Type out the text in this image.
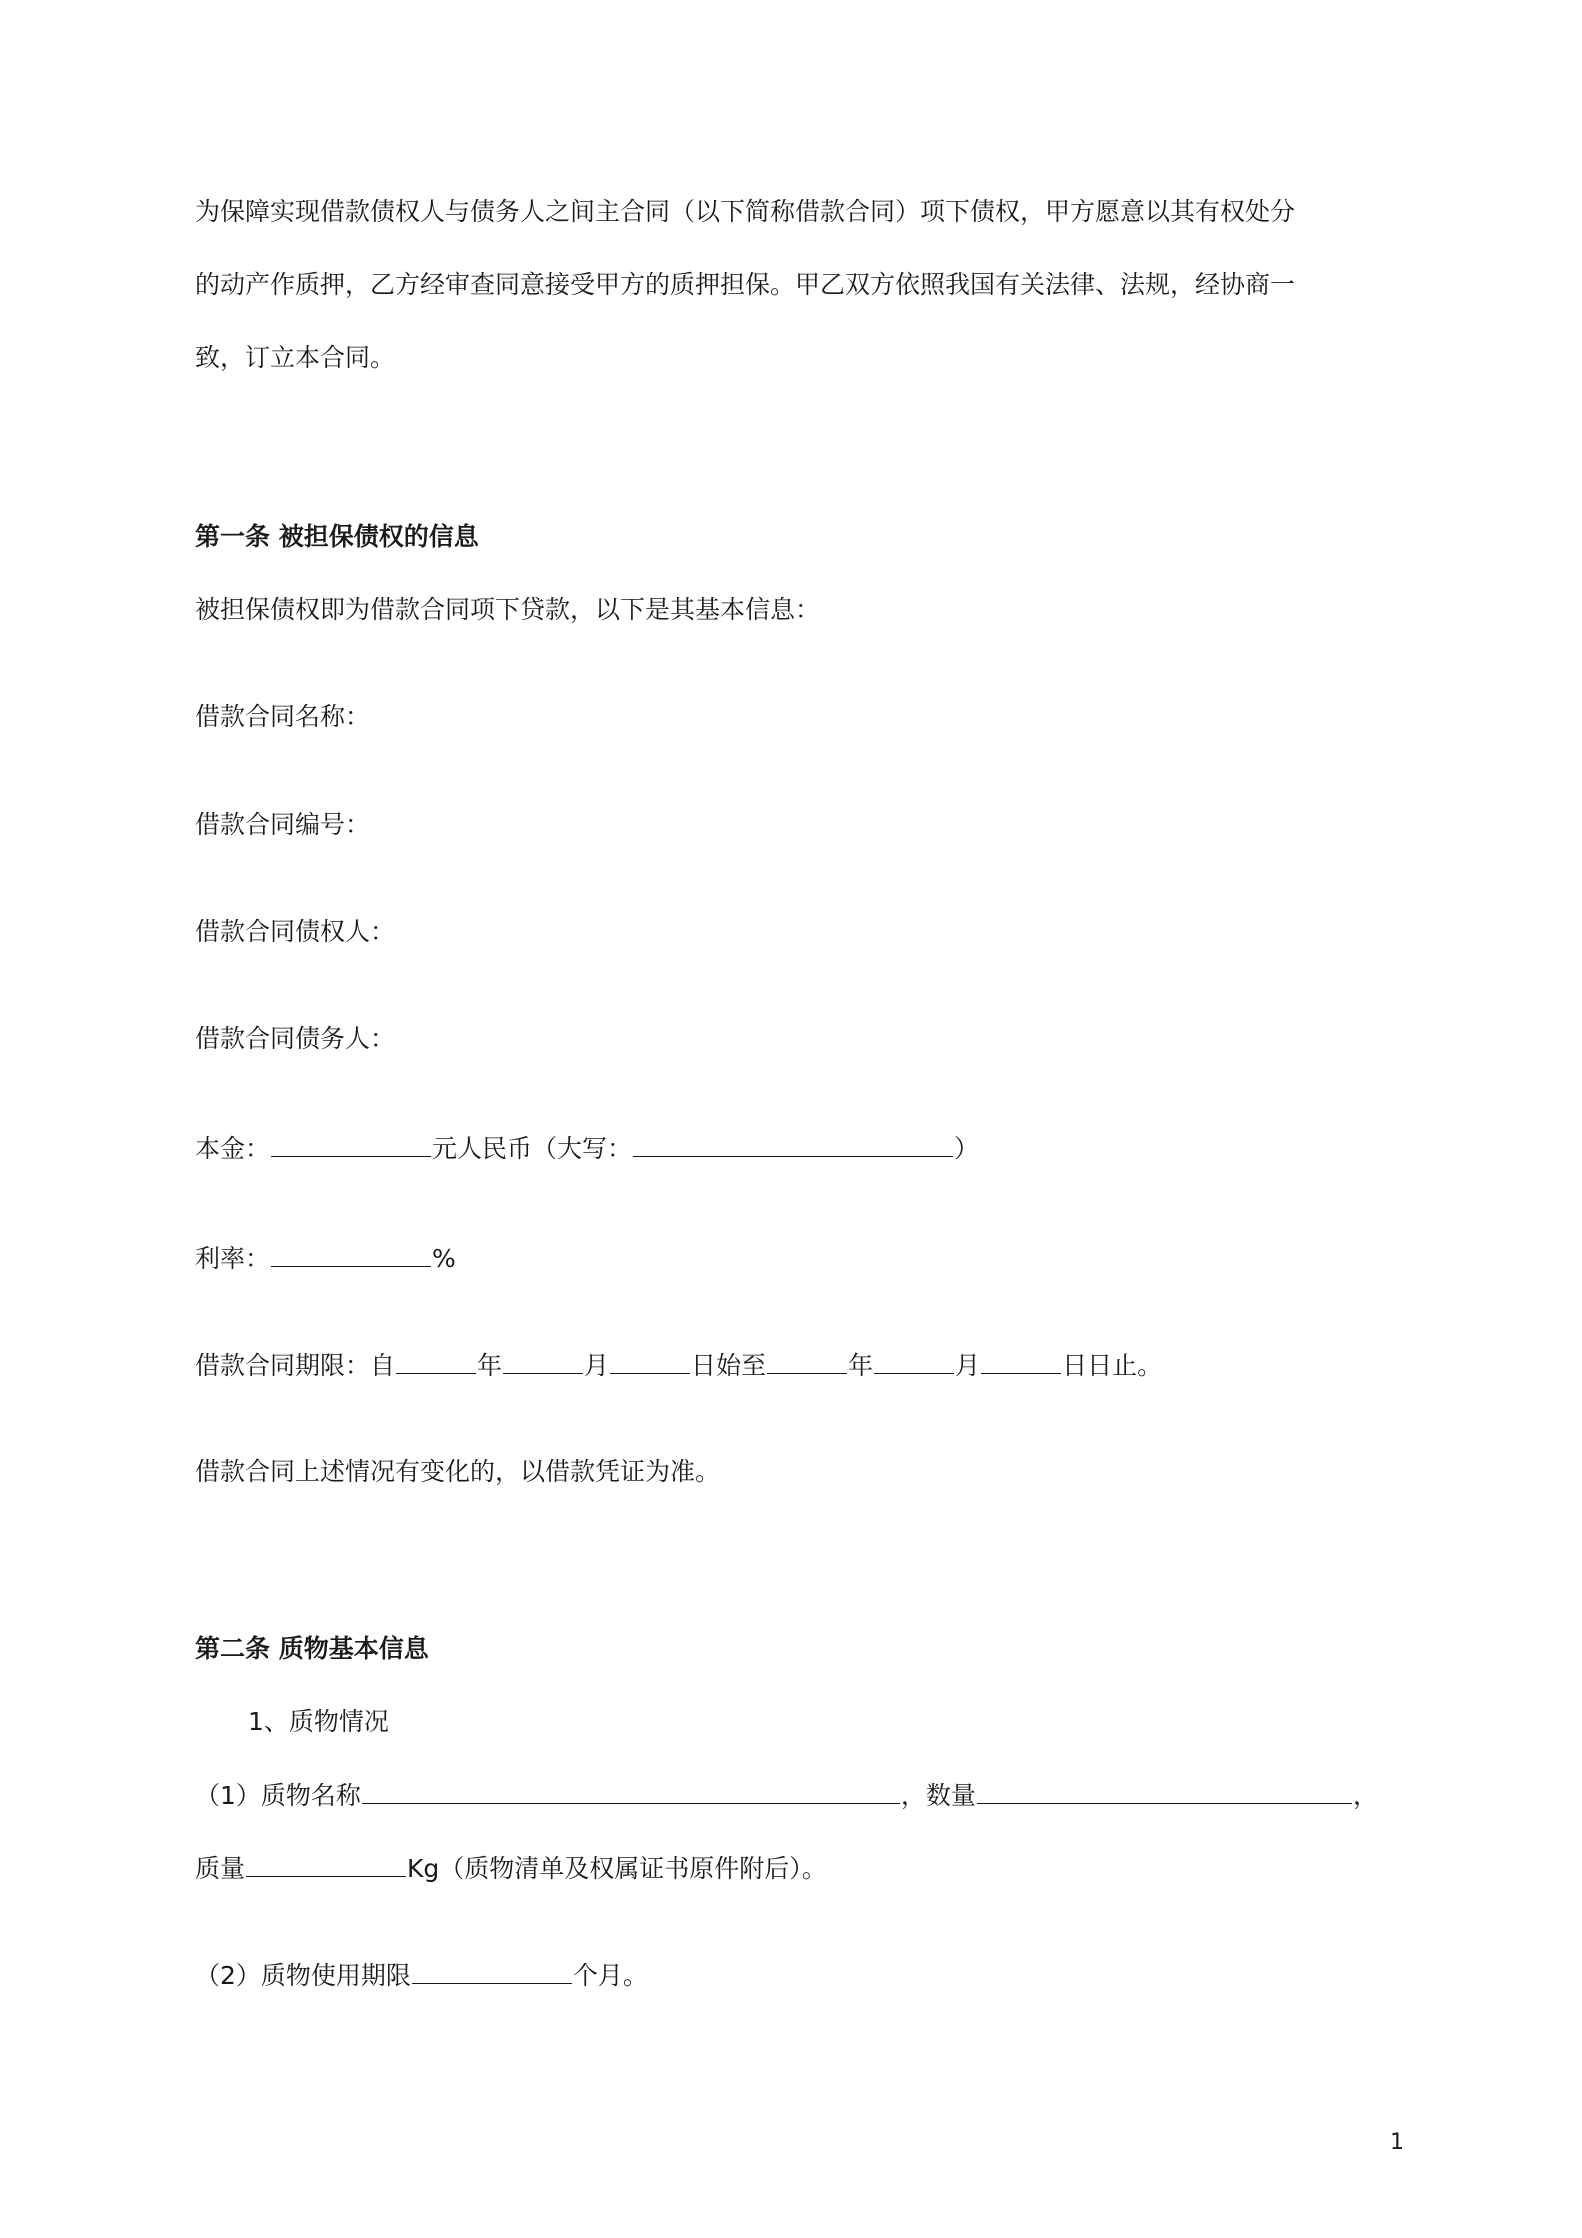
为保障实现借款债权人与债务人之间主合同（以下简称借款合同）项下债权，甲方愿意以其有权处分
的动产作质押，乙方经审查同意接受甲方的质押担保。甲乙双方依照我国有关法律、法规，经协商一
致，订立本合同。
第一条 被担保债权的信息
被担保债权即为借款合同项下贷款，以下是其基本信息：
借款合同名称：
借款合同编号：
借款合同债权人：
借款合同债务人：
本金：	元人民币（大写：	）
利率：	%
借款合同期限：自	年	月	日始至	年	月	日日止。
借款合同上述情况有变化的，以借款凭证为准。
第二条 质物基本信息
1、质物情况
（1）质物名称	，数量	，
质量	Kg（质物清单及权属证书原件附后）。
（2）质物使用期限	个月。
1
